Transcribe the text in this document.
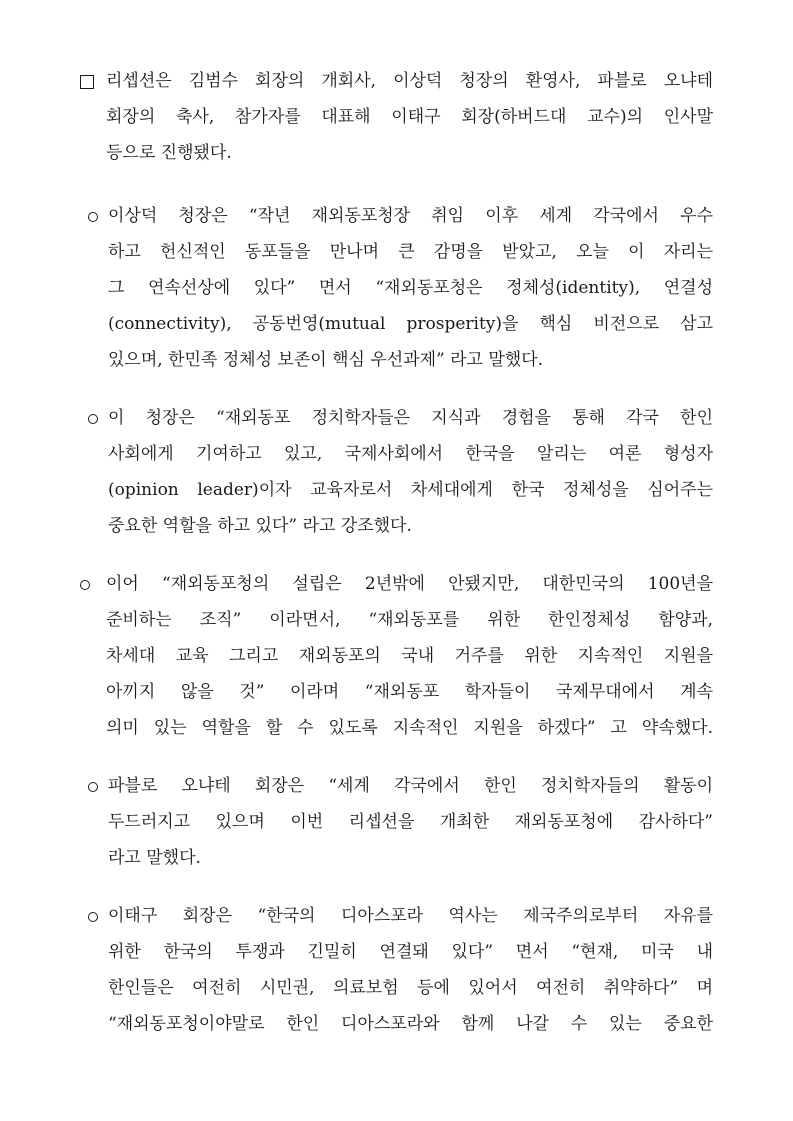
리셉션은 김범수 회장의 개회사, 이상덕 청장의 환영사, 파블로 오냐테
회장의 축사, 참가자를 대표해 이태구 회장(하버드대 교수)의 인사말
등으로 진행됐다.
이상덕 청장은 “작년 재외동포청장 취임 이후 세계 각국에서 우수
하고 헌신적인 동포들을 만나며 큰 감명을 받았고, 오늘 이 자리는
그 연속선상에 있다” 면서 “재외동포청은 정체성(identity), 연결성
(connectivity), 공동번영(mutual prosperity)을 핵심 비전으로 삼고
있으며, 한민족 정체성 보존이 핵심 우선과제” 라고 말했다.
이 청장은 “재외동포 정치학자들은 지식과 경험을 통해 각국 한인
사회에게 기여하고 있고, 국제사회에서 한국을 알리는 여론 형성자
(opinion leader)이자 교육자로서 차세대에게 한국 정체성을 심어주는
중요한 역할을 하고 있다” 라고 강조했다.
이어 “재외동포청의 설립은 2년밖에 안됐지만, 대한민국의 100년을
준비하는 조직” 이라면서, “재외동포를 위한 한인정체성 함양과,
차세대 교육 그리고 재외동포의 국내 거주를 위한 지속적인 지원을
아끼지 않을 것” 이라며 “재외동포 학자들이 국제무대에서 계속
의미 있는 역할을 할 수 있도록 지속적인 지원을 하겠다” 고 약속했다.
파블로 오냐테 회장은 “세계 각국에서 한인 정치학자들의 활동이
두드러지고 있으며 이번 리셉션을 개최한 재외동포청에 감사하다”
라고 말했다.
이태구 회장은 “한국의 디아스포라 역사는 제국주의로부터 자유를
위한 한국의 투쟁과 긴밀히 연결돼 있다” 면서 “현재, 미국 내
한인들은 여전히 시민권, 의료보험 등에 있어서 여전히 취약하다” 며
“재외동포청이야말로 한인 디아스포라와 함께 나갈 수 있는 중요한
